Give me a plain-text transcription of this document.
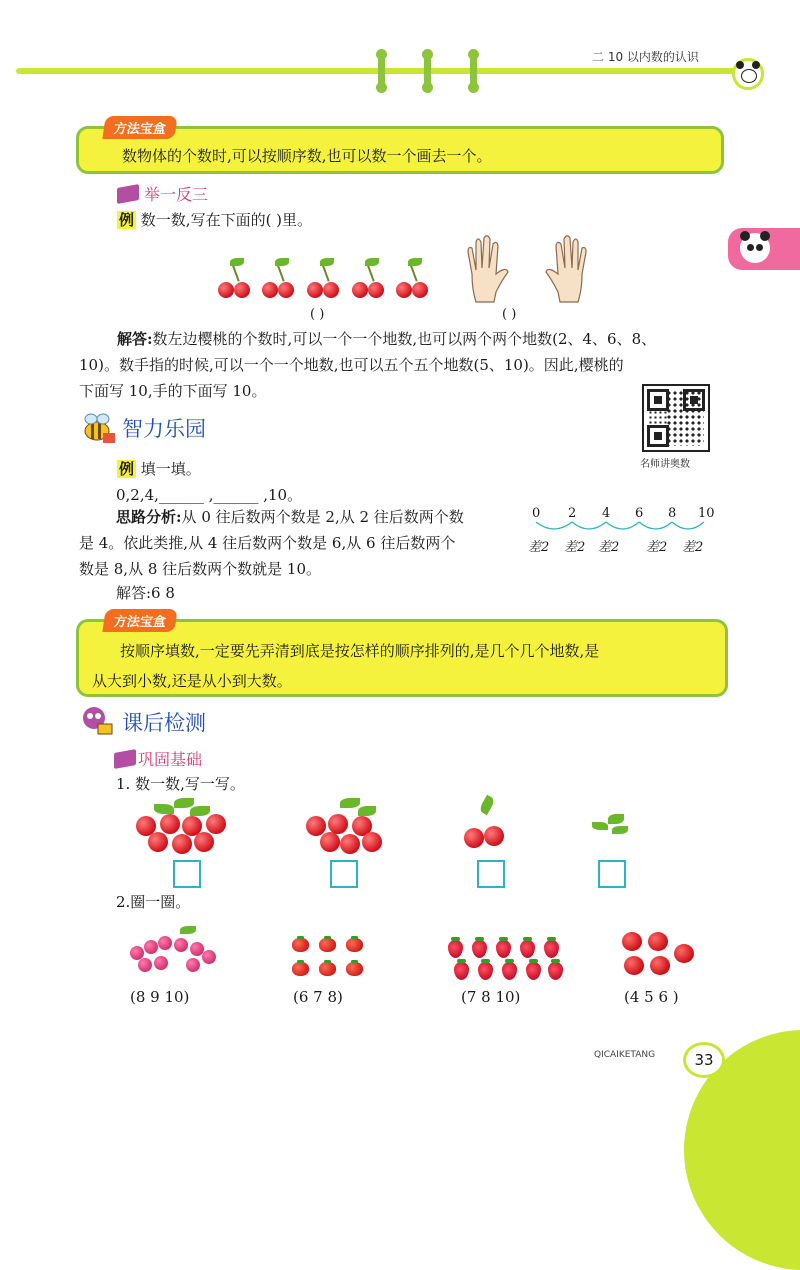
二 10 以内数的认识
方法宝盒
数物体的个数时,可以按顺序数,也可以数一个画去一个。
举一反三
例 数一数,写在下面的( )里。
( )	( )
解答:数左边樱桃的个数时,可以一个一个地数,也可以两个两个地数(2、4、6、8、
10)。数手指的时候,可以一个一个地数,也可以五个五个地数(5、10)。因此,樱桃的
下面写 10,手的下面写 10。
名师讲奥数
智力乐园
例 填一填。
0,2,4,______ ,______ ,10。
思路分析:从 0 往后数两个数是 2,从 2 往后数两个数
是 4。依此类推,从 4 往后数两个数是 6,从 6 往后数两个
数是 8,从 8 往后数两个数就是 10。
解答:6 8
0 2 4 6 8 10
差2 差2 差2 差2 差2
方法宝盒
按顺序填数,一定要先弄清到底是按怎样的顺序排列的,是几个几个地数,是
从大到小数,还是从小到大数。
课后检测
巩固基础
1. 数一数,写一写。
2.圈一圈。
(8 9 10)	(6 7 8)	(7 8 10)	(4 5 6 )
QICAIKETANG	33
